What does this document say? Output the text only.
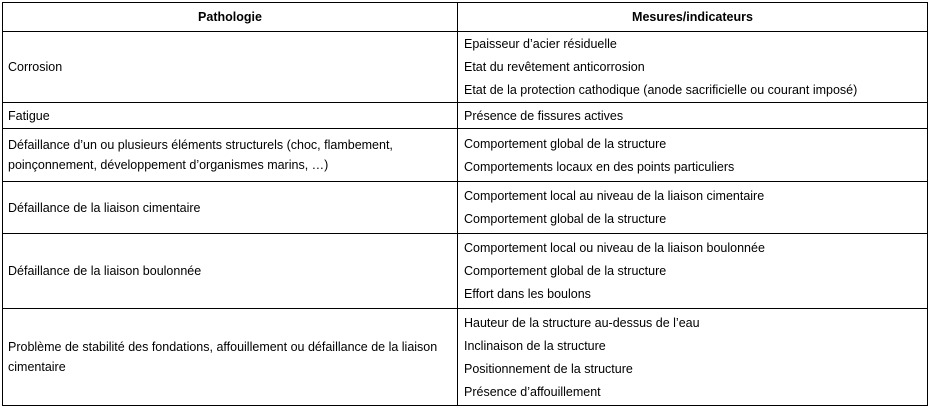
Pathologie	Mesures/indicateurs
Corrosion	Epaisseur d’acier résiduelle
Etat du revêtement anticorrosion
Etat de la protection cathodique (anode sacrificielle ou courant imposé)

Fatigue	Présence de fissures actives

Défaillance d’un ou plusieurs éléments structurels (choc, flambement, poinçonnement, développement d’organismes marins, …)	Comportement global de la structure
Comportements locaux en des points particuliers

Défaillance de la liaison cimentaire	Comportement local au niveau de la liaison cimentaire
Comportement global de la structure

Défaillance de la liaison boulonnée	Comportement local ou niveau de la liaison boulonnée
Comportement global de la structure
Effort dans les boulons

Problème de stabilité des fondations, affouillement ou défaillance de la liaison cimentaire	Hauteur de la structure au-dessus de l’eau
Inclinaison de la structure
Positionnement de la structure
Présence d’affouillement
